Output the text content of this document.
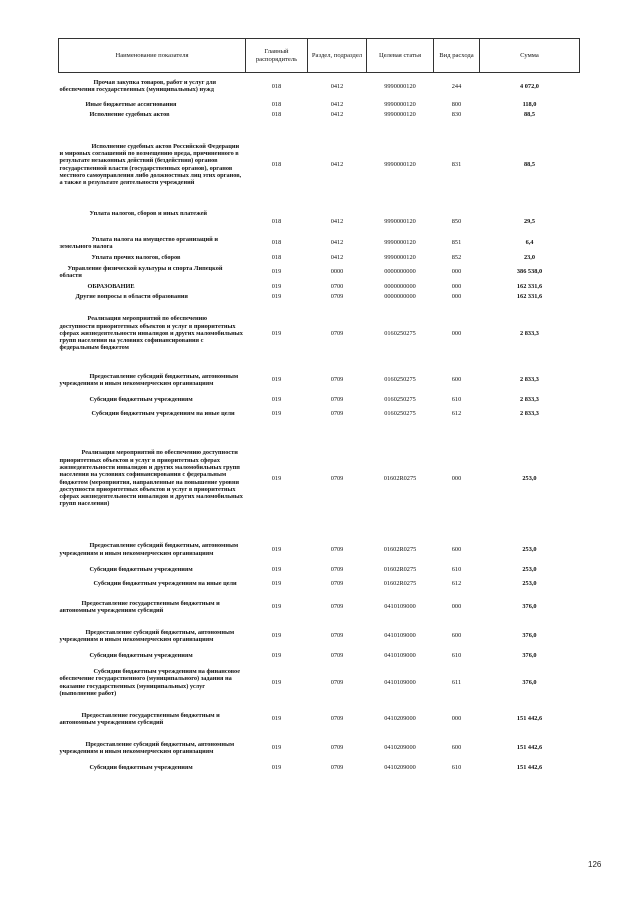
Наименование показателя	Главный распорядитель	Раздел, подраздел	Целевая статья	Вид расхода	Сумма

Прочая закупка товаров, работ и услуг для обеспечения государственных (муниципальных) нужд	018	0412	9990000120	244	4 072,0

Иные бюджетные ассигнования	018	0412	9990000120	800	118,0

Исполнение судебных актов	018	0412	9990000120	830	88,5

Исполнение судебных актов Российской Федерации и мировых соглашений по возмещению вреда, причиненного в результате незаконных действий (бездействия) органов государственной власти (государственных органов), органов местного самоуправления либо должностных лиц этих органов, а также в результате деятельности учреждений	018	0412	9990000120	831	88,5

Уплата налогов, сборов и иных платежей	018	0412	9990000120	850	29,5

Уплата налога на имущество организаций и земельного налога	018	0412	9990000120	851	6,4

Уплата прочих налогов, сборов	018	0412	9990000120	852	23,0

Управление физической культуры и спорта Липецкой области	019	0000	0000000000	000	386 538,0

ОБРАЗОВАНИЕ	019	0700	0000000000	000	162 331,6

Другие вопросы в области образования	019	0709	0000000000	000	162 331,6

Реализация мероприятий по обеспечению доступности приоритетных объектов и услуг в приоритетных сферах жизнедеятельности инвалидов и других маломобильных групп населения на условиях софинансирования с федеральным бюджетом	019	0709	0160250275	000	2 833,3

Предоставление субсидий бюджетным, автономным учреждениям и иным некоммерческим организациям	019	0709	0160250275	600	2 833,3

Субсидии бюджетным учреждениям	019	0709	0160250275	610	2 833,3

Субсидии бюджетным учреждениям на иные цели	019	0709	0160250275	612	2 833,3

Реализация мероприятий по обеспечению доступности приоритетных объектов и услуг в приоритетных сферах жизнедеятельности инвалидов и других маломобильных групп населения на условиях софинансирования с федеральным бюджетом (мероприятия, направленные на повышение уровня доступности приоритетных объектов и услуг в приоритетных сферах жизнедеятельности инвалидов и других маломобильных групп населения)	019	0709	01602R0275	000	253,0

Предоставление субсидий бюджетным, автономным учреждениям и иным некоммерческим организациям	019	0709	01602R0275	600	253,0

Субсидии бюджетным учреждениям	019	0709	01602R0275	610	253,0

Субсидии бюджетным учреждениям на иные цели	019	0709	01602R0275	612	253,0

Предоставление государственным бюджетным и автономным учреждениям субсидий	019	0709	0410109000	000	376,0

Предоставление субсидий бюджетным, автономным учреждениям и иным некоммерческим организациям	019	0709	0410109000	600	376,0

Субсидии бюджетным учреждениям	019	0709	0410109000	610	376,0

Субсидии бюджетным учреждениям на финансовое обеспечение государственного (муниципального) задания на оказание государственных (муниципальных) услуг (выполнение работ)	019	0709	0410109000	611	376,0

Предоставление государственным бюджетным и автономным учреждениям субсидий	019	0709	0410209000	000	151 442,6

Предоставление субсидий бюджетным, автономным учреждениям и иным некоммерческим организациям	019	0709	0410209000	600	151 442,6

Субсидии бюджетным учреждениям	019	0709	0410209000	610	151 442,6
126
